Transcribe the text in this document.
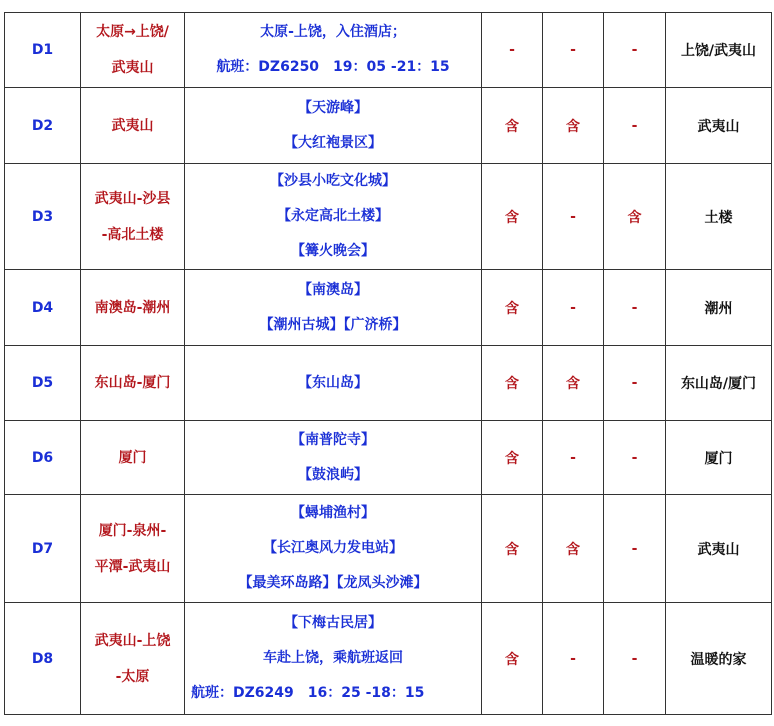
D1	太原→上饶/
武夷山	太原-上饶，入住酒店；
航班：DZ6250　19：05 -21：15	-	-	-	上饶/武夷山
D2	武夷山	【天游峰】
【大红袍景区】	含	含	-	武夷山
D3	武夷山-沙县
-高北土楼	【沙县小吃文化城】
【永定高北土楼】
【篝火晚会】	含	-	含	土楼
D4	南澳岛-潮州	【南澳岛】
【潮州古城】【广济桥】	含	-	-	潮州
D5	东山岛-厦门	【东山岛】	含	含	-	东山岛/厦门
D6	厦门	【南普陀寺】
【鼓浪屿】	含	-	-	厦门
D7	厦门-泉州-
平潭-武夷山	【蟳埔渔村】
【长江奥风力发电站】
【最美环岛路】【龙凤头沙滩】	含	含	-	武夷山
D8	武夷山-上饶
-太原	【下梅古民居】
车赴上饶，乘航班返回
航班：DZ6249　16：25 -18：15	含	-	-	温暖的家
